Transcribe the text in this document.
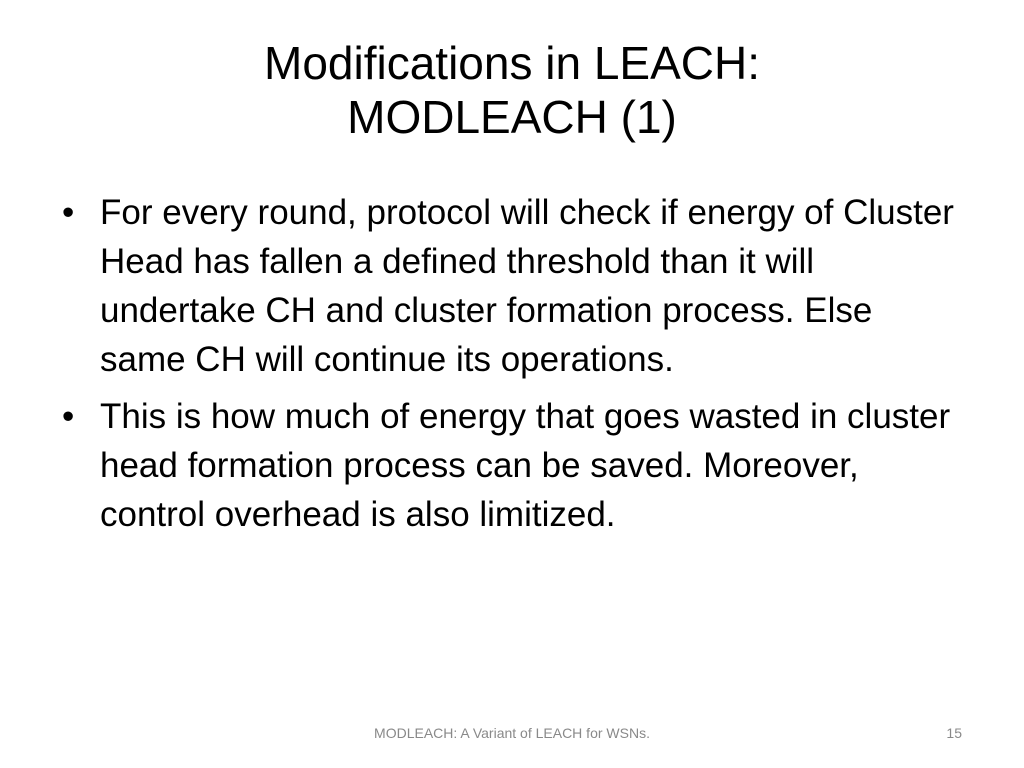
Modifications in LEACH:
MODLEACH (1)
• For every round, protocol will check if energy of Cluster Head has fallen a defined threshold than it will undertake CH and cluster formation process. Else same CH will continue its operations.
• This is how much of energy that goes wasted in cluster head formation process can be saved. Moreover, control overhead is also limitized.
MODLEACH: A Variant of LEACH for WSNs.	15
